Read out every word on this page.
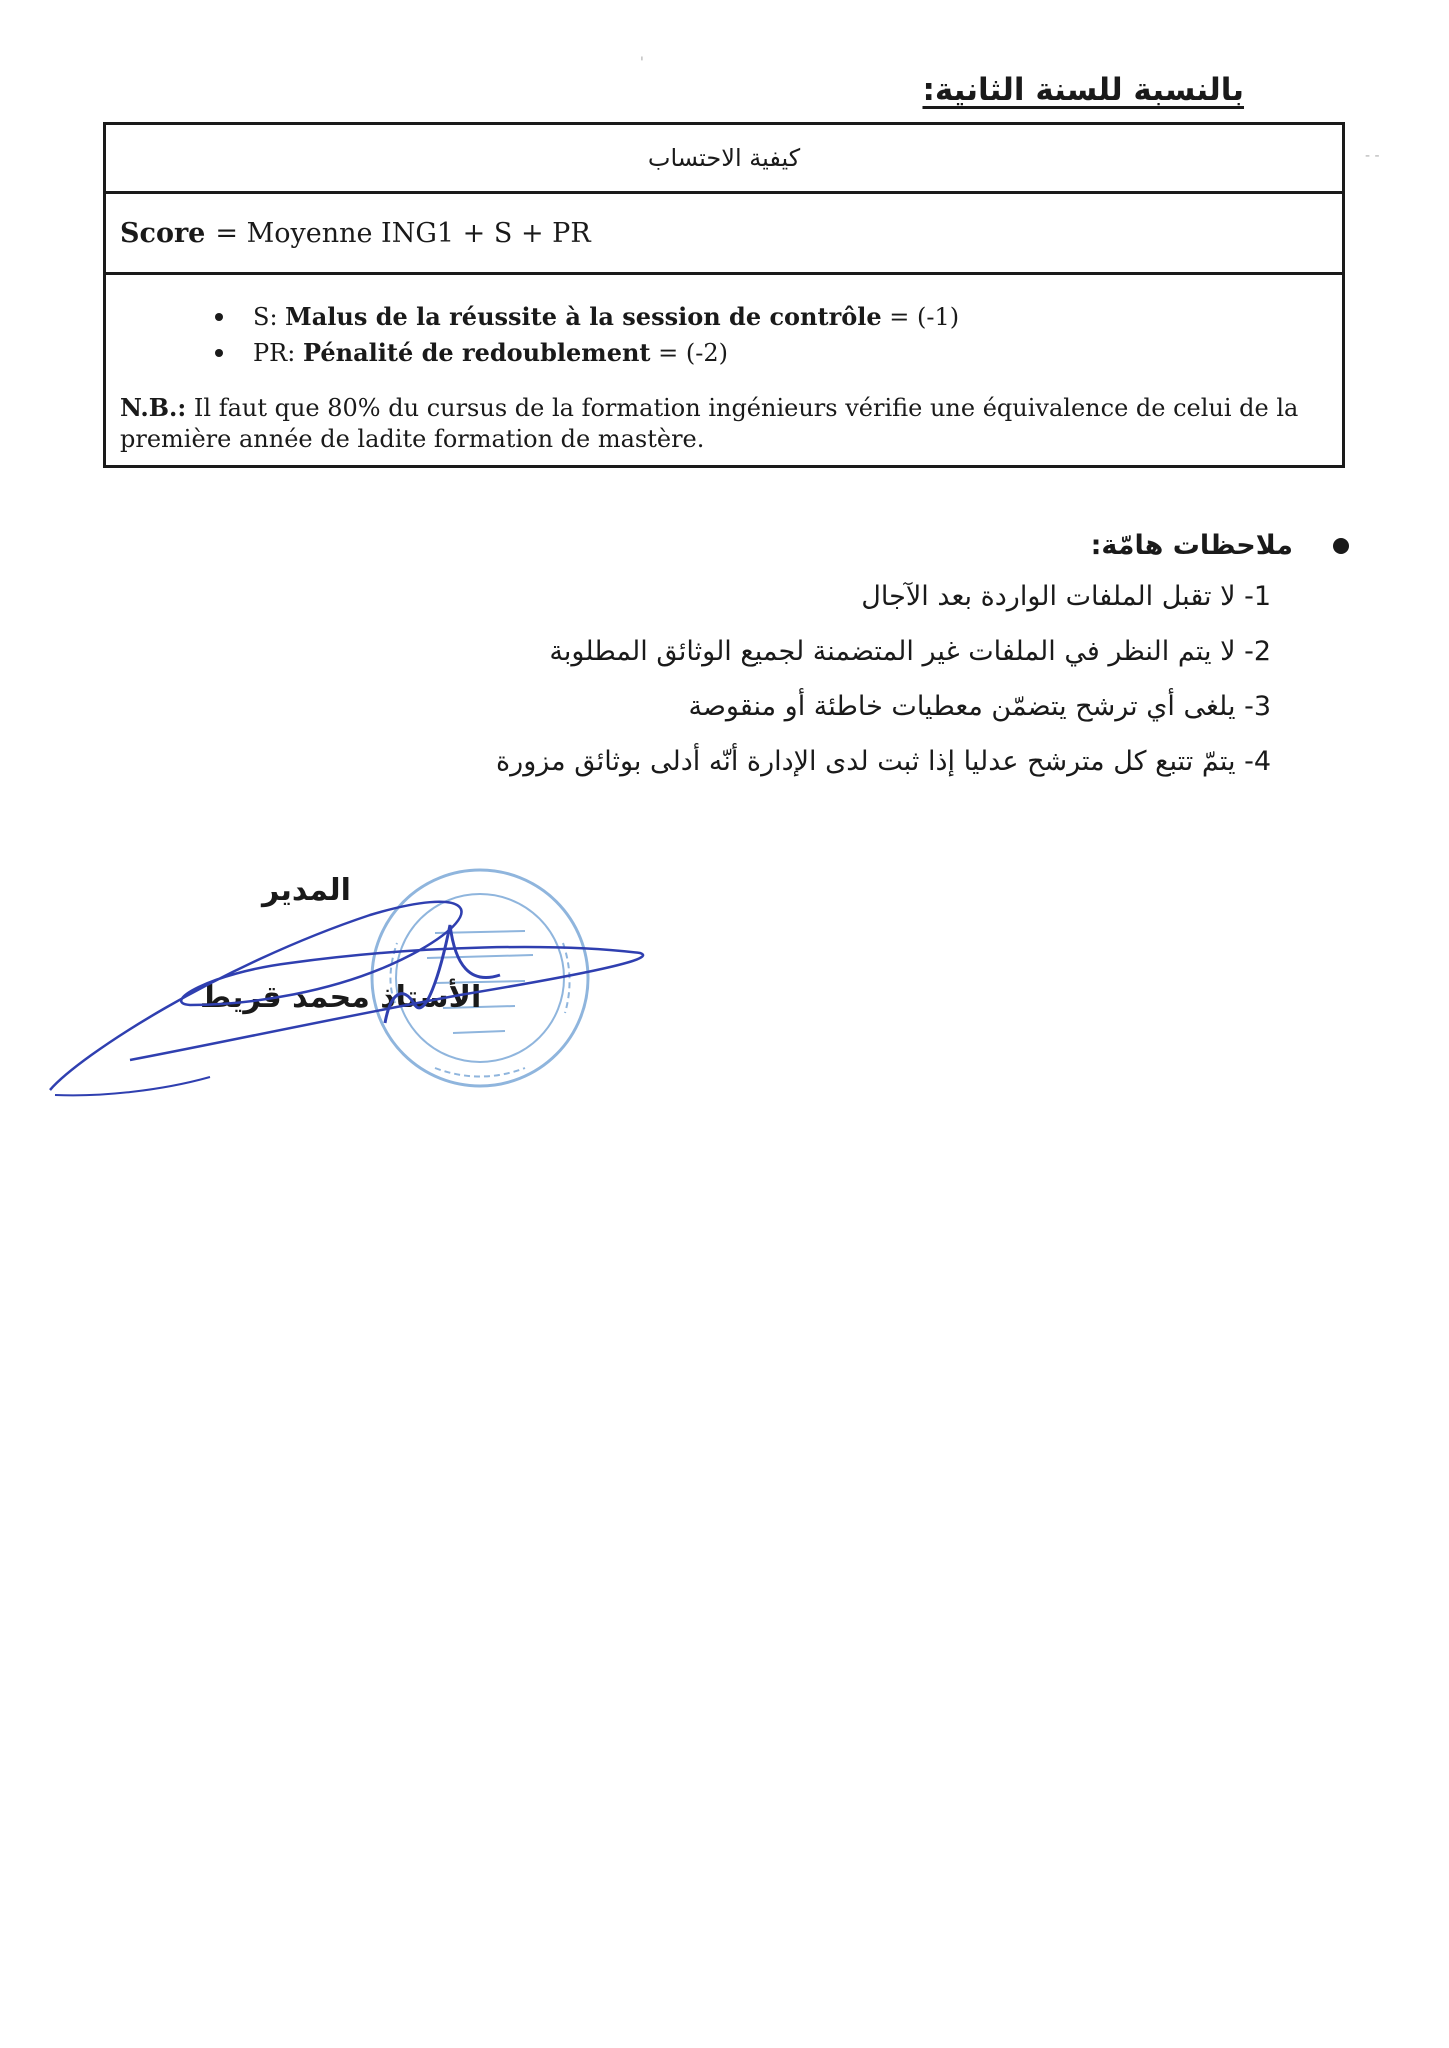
بالنسبة للسنة الثانية:
كيفية الاحتساب
Score = Moyenne ING1 + S + PR
S: Malus de la réussite à la session de contrôle = (-1)
PR: Pénalité de redoublement = (-2)

N.B.: Il faut que 80% du cursus de la formation ingénieurs vérifie une équivalence de celui de la première année de ladite formation de mastère.

ملاحظات هامّة:
1- لا تقبل الملفات الواردة بعد الآجال
2- لا يتم النظر في الملفات غير المتضمنة لجميع الوثائق المطلوبة
3- يلغى أي ترشح يتضمّن معطيات خاطئة أو منقوصة
4- يتمّ تتبع كل مترشح عدليا إذا ثبت لدى الإدارة أنّه أدلى بوثائق مزورة
المدير
الأستاذ محمد قريط
'
- -
